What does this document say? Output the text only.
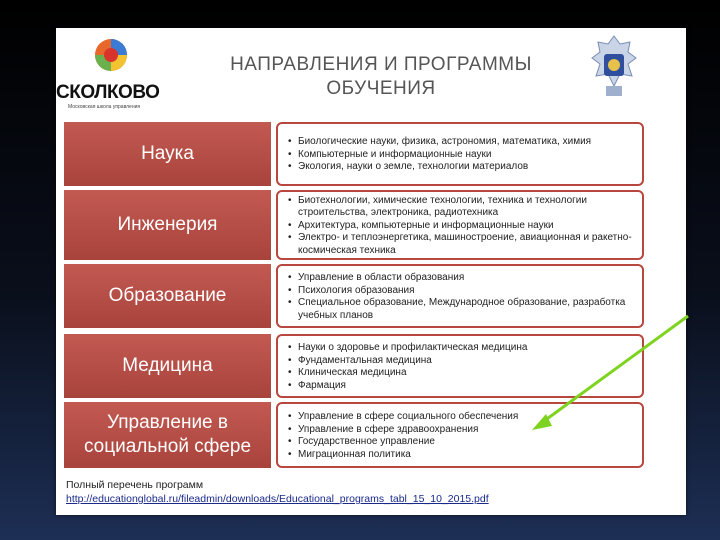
СКОЛКОВО
Московская школа управления
НАПРАВЛЕНИЯ И ПРОГРАММЫ
ОБУЧЕНИЯ
Наука
• Биологические науки, физика, астрономия, математика, химия
• Компьютерные и информационные науки
• Экология, науки о земле, технологии материалов
Инженерия
• Биотехнологии, химические технологии, техника и технологии строительства, электроника, радиотехника
• Архитектура, компьютерные и информационные науки
• Электро- и теплоэнергетика, машиностроение, авиационная и ракетно-космическая техника
Образование
• Управление в области образования
• Психология образования
• Специальное образование, Международное образование, разработка учебных планов
Медицина
• Науки о здоровье и профилактическая медицина
• Фундаментальная медицина
• Клиническая медицина
• Фармация
Управление в
социальной сфере
• Управление в сфере социального обеспечения
• Управление в сфере здравоохранения
• Государственное управление
• Миграционная политика
Полный перечень программ
http://educationglobal.ru/fileadmin/downloads/Educational_programs_tabl_15_10_2015.pdf
